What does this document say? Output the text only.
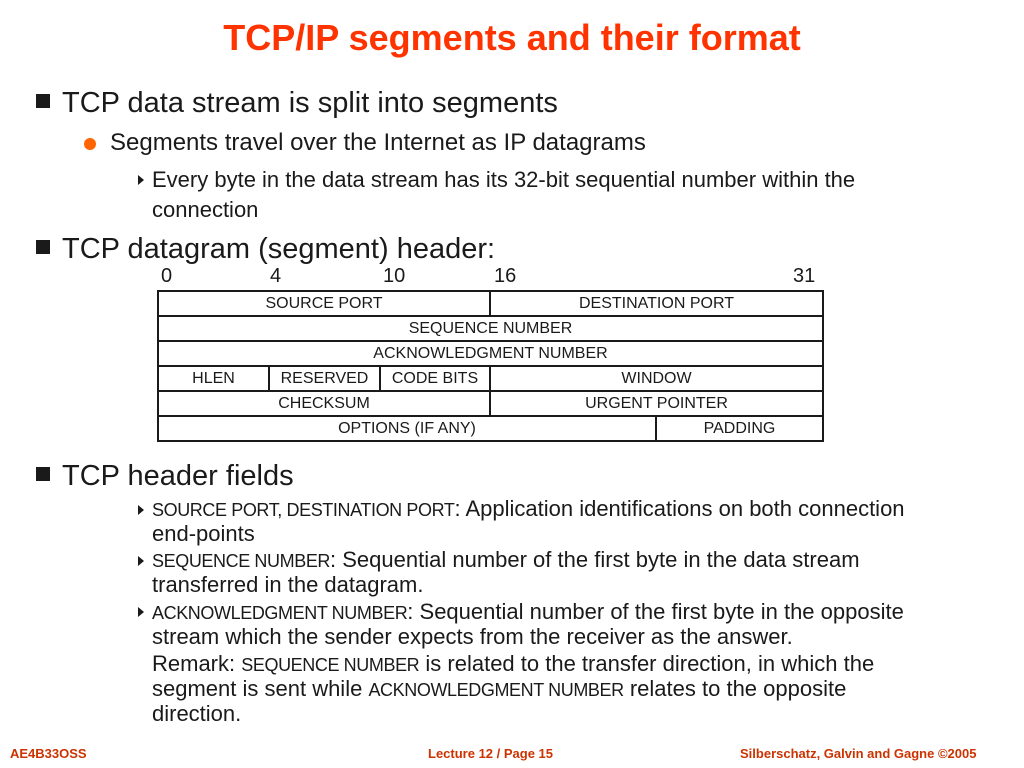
TCP/IP segments and their format
TCP data stream is split into segments
Segments travel over the Internet as IP datagrams
Every byte in the data stream has its 32-bit sequential number within the
connection
TCP datagram (segment) header:
0	4	10	16	31
SOURCE PORT	DESTINATION PORT
SEQUENCE NUMBER
ACKNOWLEDGMENT NUMBER
HLEN	RESERVED	CODE BITS	WINDOW
CHECKSUM	URGENT POINTER
OPTIONS (IF ANY)	PADDING
TCP header fields
SOURCE PORT, DESTINATION PORT: Application identifications on both connection
end-points
SEQUENCE NUMBER: Sequential number of the first byte in the data stream
transferred in the datagram.
ACKNOWLEDGMENT NUMBER: Sequential number of the first byte in the opposite
stream which the sender expects from the receiver as the answer.
Remark: SEQUENCE NUMBER is related to the transfer direction, in which the
segment is sent while ACKNOWLEDGMENT NUMBER relates to the opposite
direction.
AE4B33OSS	Lecture 12 / Page 15	Silberschatz, Galvin and Gagne ©2005
